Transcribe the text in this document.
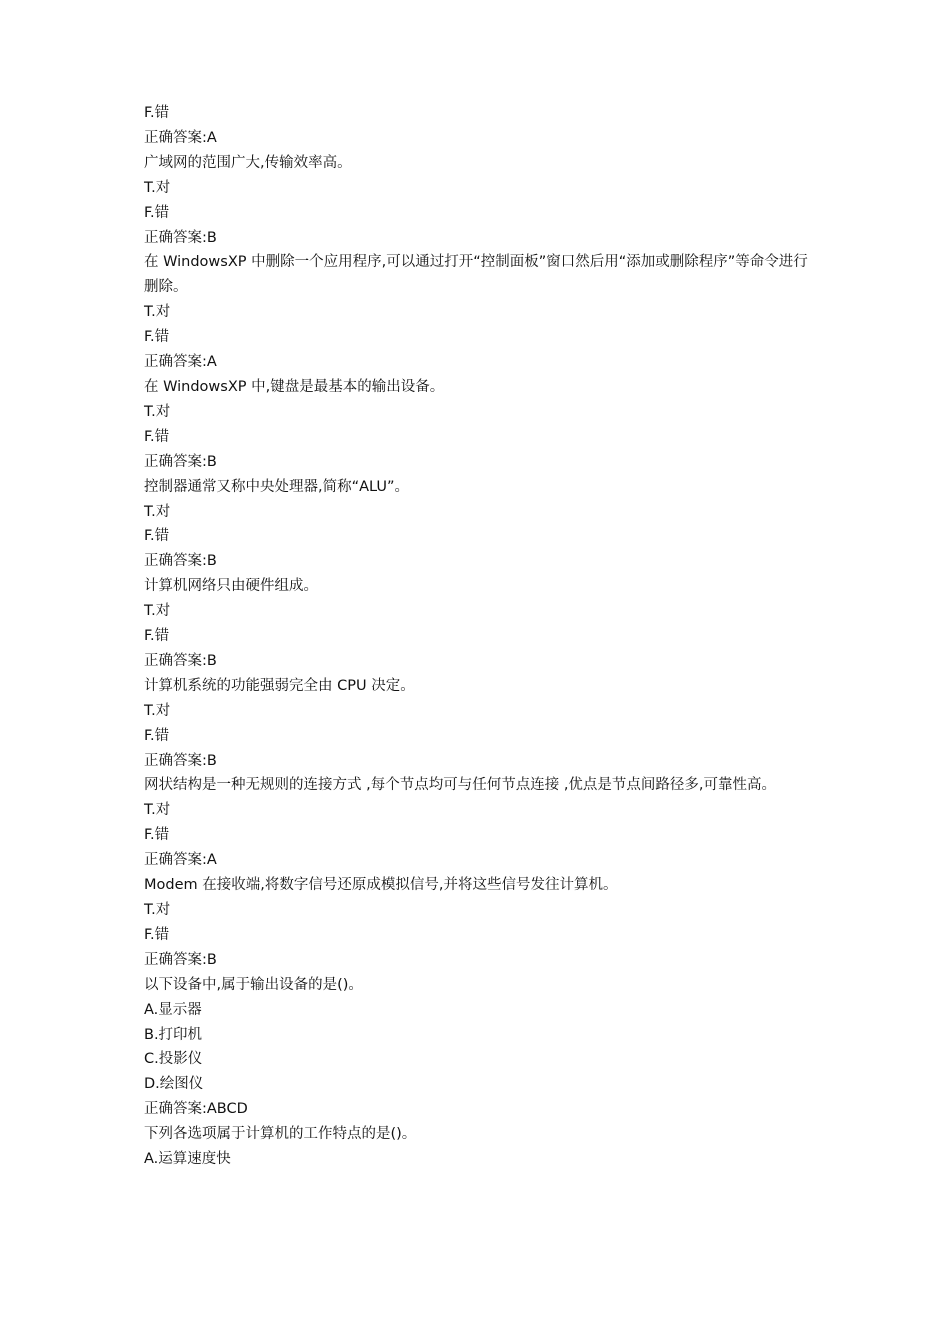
F.错
正确答案:A
广域网的范围广大,传输效率高。
T.对
F.错
正确答案:B
在 WindowsXP 中删除一个应用程序,可以通过打开“控制面板”窗口然后用“添加或删除程序”等命令进行删除。
T.对
F.错
正确答案:A
在 WindowsXP 中,键盘是最基本的输出设备。
T.对
F.错
正确答案:B
控制器通常又称中央处理器,简称“ALU”。
T.对
F.错
正确答案:B
计算机网络只由硬件组成。
T.对
F.错
正确答案:B
计算机系统的功能强弱完全由 CPU 决定。
T.对
F.错
正确答案:B
网状结构是一种无规则的连接方式 ,每个节点均可与任何节点连接 ,优点是节点间路径多,可靠性高。
T.对
F.错
正确答案:A
Modem 在接收端,将数字信号还原成模拟信号,并将这些信号发往计算机。
T.对
F.错
正确答案:B
以下设备中,属于输出设备的是()。
A.显示器
B.打印机
C.投影仪
D.绘图仪
正确答案:ABCD
下列各选项属于计算机的工作特点的是()。
A.运算速度快
